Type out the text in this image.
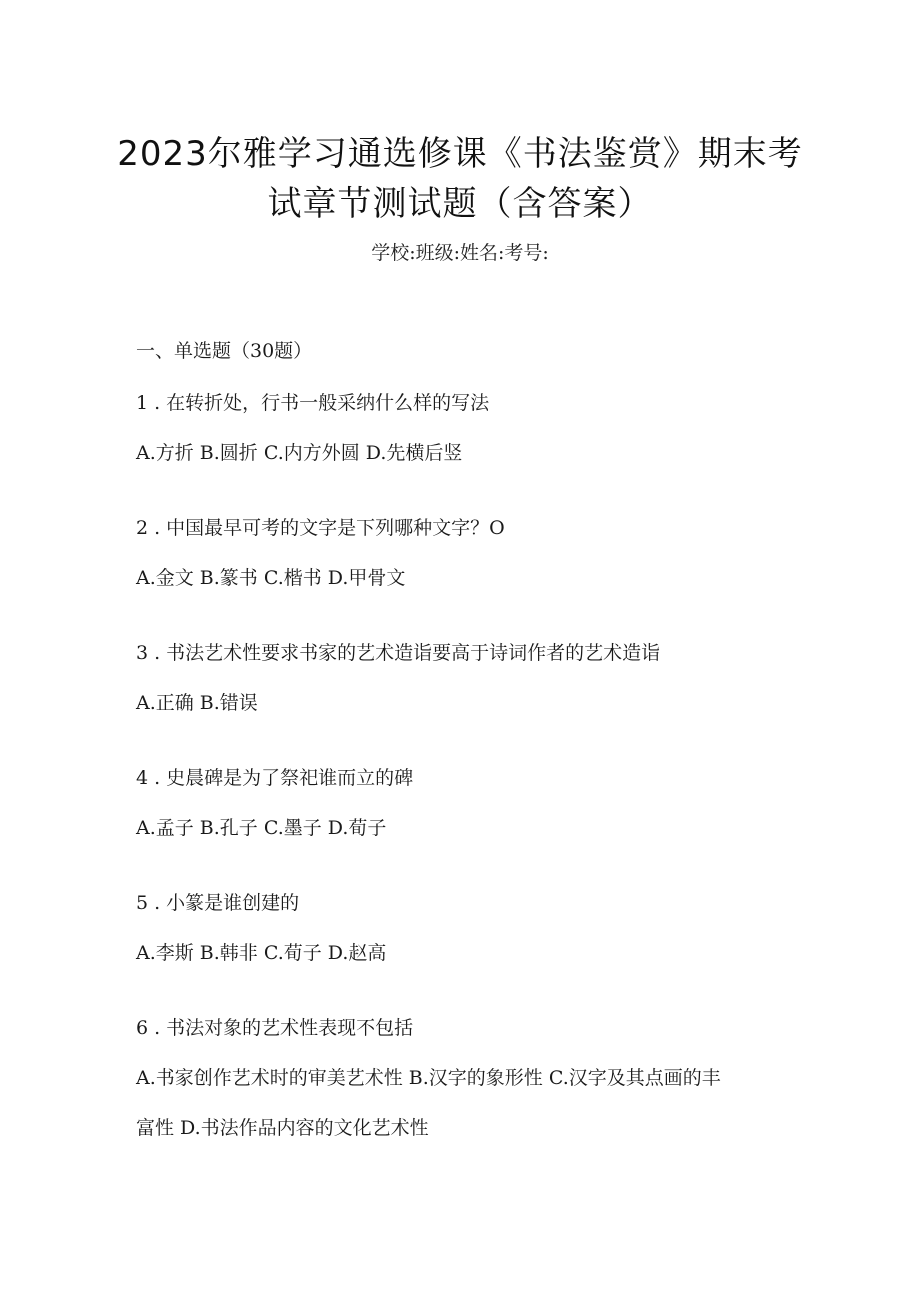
2023尔雅学习通选修课《书法鉴赏》期末考
试章节测试题（含答案）
学校:班级:姓名:考号:
一、单选题（30题）
1 . 在转折处，行书一般采纳什么样的写法
A.方折 B.圆折 C.内方外圆 D.先横后竖
2 . 中国最早可考的文字是下列哪种文字？O
A.金文 B.篆书 C.楷书 D.甲骨文
3 . 书法艺术性要求书家的艺术造诣要高于诗词作者的艺术造诣
A.正确 B.错误
4 . 史晨碑是为了祭祀谁而立的碑
A.孟子 B.孔子 C.墨子 D.荀子
5 . 小篆是谁创建的
A.李斯 B.韩非 C.荀子 D.赵高
6 . 书法对象的艺术性表现不包括
A.书家创作艺术时的审美艺术性 B.汉字的象形性 C.汉字及其点画的丰
富性 D.书法作品内容的文化艺术性
